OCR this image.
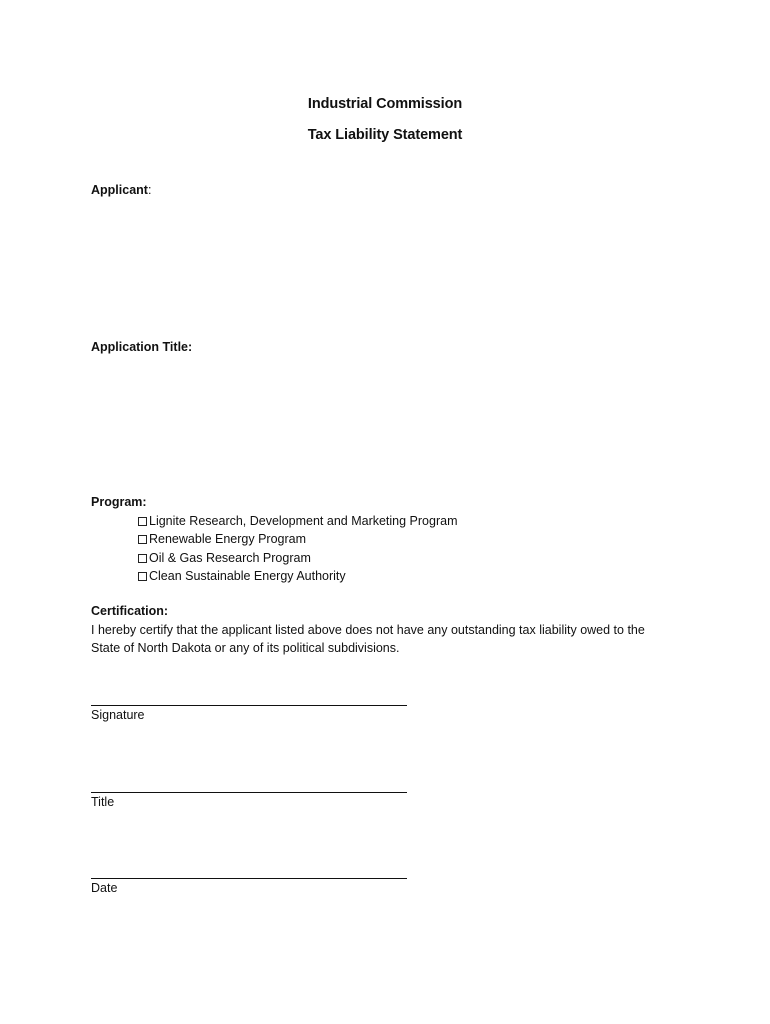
Industrial Commission
Tax Liability Statement
Applicant:
Application Title:
Program:
Lignite Research, Development and Marketing Program
Renewable Energy Program
Oil & Gas Research Program
Clean Sustainable Energy Authority
Certification:
I hereby certify that the applicant listed above does not have any outstanding tax liability owed to the
State of North Dakota or any of its political subdivisions.
Signature
Title
Date
